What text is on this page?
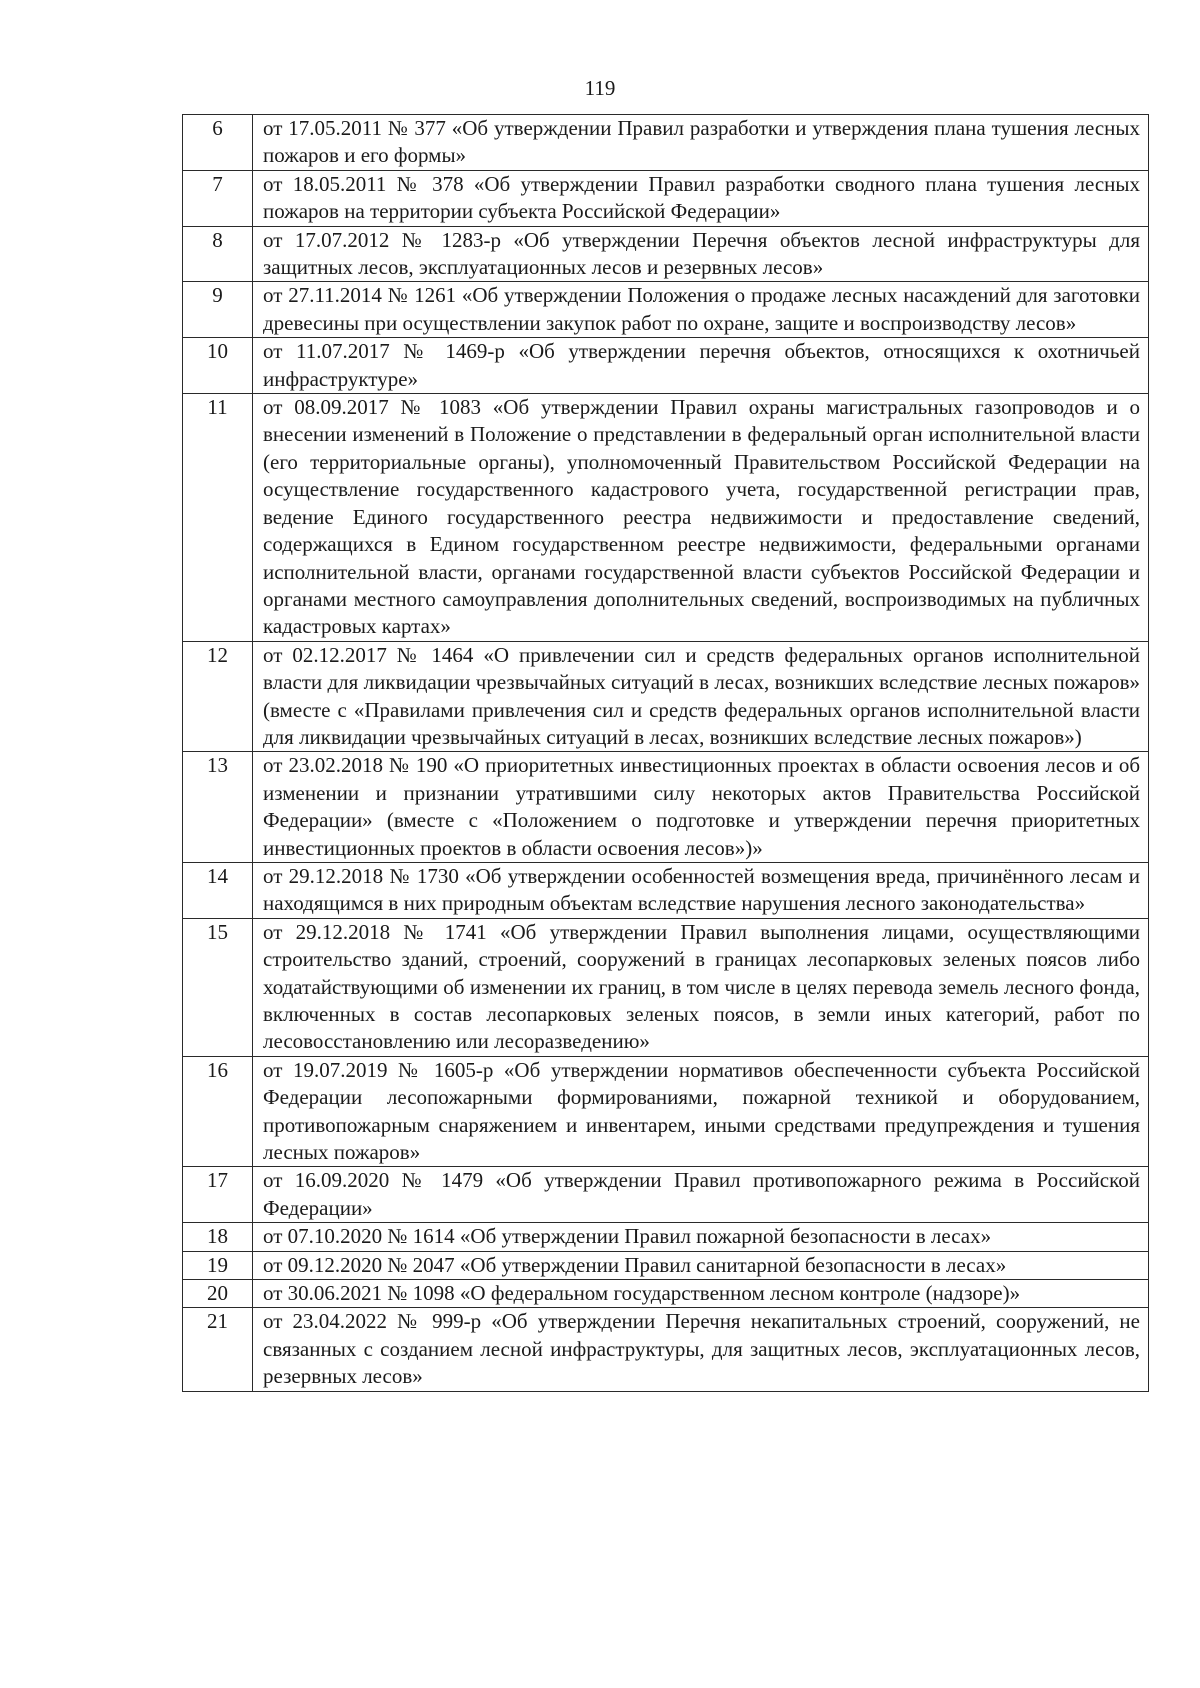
119
6	от 17.05.2011 № 377 «Об утверждении Правил разработки и утверждения плана тушения лесных пожаров и его формы»
7	от 18.05.2011 № 378 «Об утверждении Правил разработки сводного плана тушения лесных пожаров на территории субъекта Российской Федерации»
8	от 17.07.2012 № 1283-р «Об утверждении Перечня объектов лесной инфраструктуры для защитных лесов, эксплуатационных лесов и резервных лесов»
9	от 27.11.2014 № 1261 «Об утверждении Положения о продаже лесных насаждений для заготовки древесины при осуществлении закупок работ по охране, защите и воспроизводству лесов»
10	от 11.07.2017 № 1469-р «Об утверждении перечня объектов, относящихся к охотничьей инфраструктуре»
11	от 08.09.2017 № 1083 «Об утверждении Правил охраны магистральных газопроводов и о внесении изменений в Положение о представлении в федеральный орган исполнительной власти (его территориальные органы), уполномоченный Правительством Российской Федерации на осуществление государственного кадастрового учета, государственной регистрации прав, ведение Единого государственного реестра недвижимости и предоставление сведений, содержащихся в Едином государственном реестре недвижимости, федеральными органами исполнительной власти, органами государственной власти субъектов Российской Федерации и органами местного самоуправления дополнительных сведений, воспроизводимых на публичных кадастровых картах»
12	от 02.12.2017 № 1464 «О привлечении сил и средств федеральных органов исполнительной власти для ликвидации чрезвычайных ситуаций в лесах, возникших вследствие лесных пожаров» (вместе с «Правилами привлечения сил и средств федеральных органов исполнительной власти для ликвидации чрезвычайных ситуаций в лесах, возникших вследствие лесных пожаров»)
13	от 23.02.2018 № 190 «О приоритетных инвестиционных проектах в области освоения лесов и об изменении и признании утратившими силу некоторых актов Правительства Российской Федерации» (вместе с «Положением о подготовке и утверждении перечня приоритетных инвестиционных проектов в области освоения лесов»)»
14	от 29.12.2018 № 1730 «Об утверждении особенностей возмещения вреда, причинённого лесам и находящимся в них природным объектам вследствие нарушения лесного законодательства»
15	от 29.12.2018 № 1741 «Об утверждении Правил выполнения лицами, осуществляющими строительство зданий, строений, сооружений в границах лесопарковых зеленых поясов либо ходатайствующими об изменении их границ, в том числе в целях перевода земель лесного фонда, включенных в состав лесопарковых зеленых поясов, в земли иных категорий, работ по лесовосстановлению или лесоразведению»
16	от 19.07.2019 № 1605-р «Об утверждении нормативов обеспеченности субъекта Российской Федерации лесопожарными формированиями, пожарной техникой и оборудованием, противопожарным снаряжением и инвентарем, иными средствами предупреждения и тушения лесных пожаров»
17	от 16.09.2020 № 1479 «Об утверждении Правил противопожарного режима в Российской Федерации»
18	от 07.10.2020 № 1614 «Об утверждении Правил пожарной безопасности в лесах»
19	от 09.12.2020 № 2047 «Об утверждении Правил санитарной безопасности в лесах»
20	от 30.06.2021 № 1098 «О федеральном государственном лесном контроле (надзоре)»
21	от 23.04.2022 № 999-р «Об утверждении Перечня некапитальных строений, сооружений, не связанных с созданием лесной инфраструктуры, для защитных лесов, эксплуатационных лесов, резервных лесов»
